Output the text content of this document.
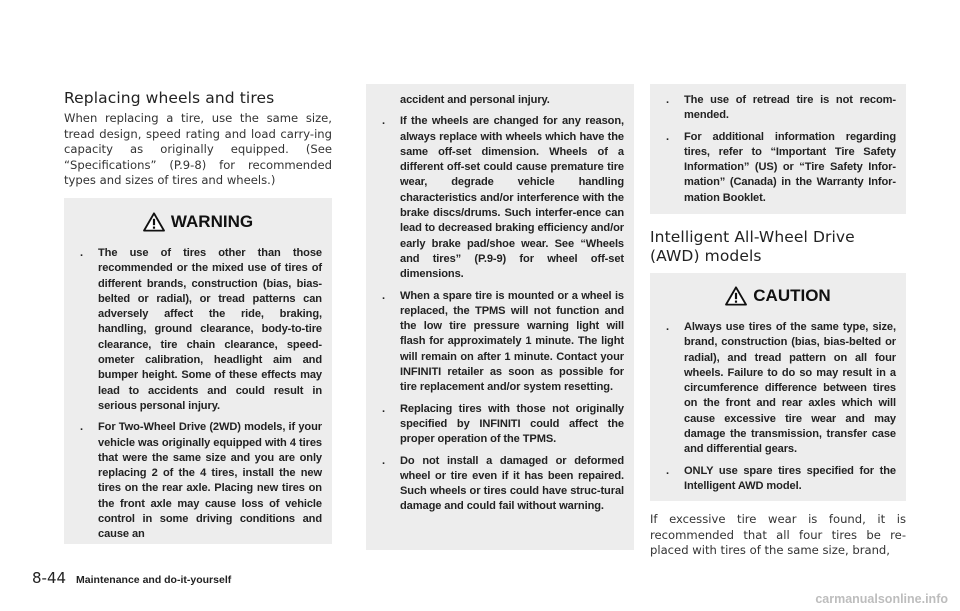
Replacing wheels and tires

When replacing a tire, use the same size, tread design, speed rating and load carry-ing capacity as originally equipped. (See “Specifications” (P.9-8) for recommended types and sizes of tires and wheels.)

WARNING
. The use of tires other than those recommended or the mixed use of tires of different brands, construction (bias, bias-belted or radial), or tread patterns can adversely affect the ride, braking, handling, ground clearance, body-to-tire clearance, tire chain clearance, speed-ometer calibration, headlight aim and bumper height. Some of these effects may lead to accidents and could result in serious personal injury.
. For Two-Wheel Drive (2WD) models, if your vehicle was originally equipped with 4 tires that were the same size and you are only replacing 2 of the 4 tires, install the new tires on the rear axle. Placing new tires on the front axle may cause loss of vehicle control in some driving conditions and cause an
accident and personal injury.
. If the wheels are changed for any reason, always replace with wheels which have the same off-set dimension. Wheels of a different off-set could cause premature tire wear, degrade vehicle handling characteristics and/or interference with the brake discs/drums. Such interfer-ence can lead to decreased braking efficiency and/or early brake pad/shoe wear. See “Wheels and tires” (P.9-9) for wheel off-set dimensions.
. When a spare tire is mounted or a wheel is replaced, the TPMS will not function and the low tire pressure warning light will flash for approximately 1 minute. The light will remain on after 1 minute. Contact your INFINITI retailer as soon as possible for tire replacement and/or system resetting.
. Replacing tires with those not originally specified by INFINITI could affect the proper operation of the TPMS.
. Do not install a damaged or deformed wheel or tire even if it has been repaired. Such wheels or tires could have struc-tural damage and could fail without warning.
. The use of retread tire is not recom-mended.
. For additional information regarding tires, refer to “Important Tire Safety Information” (US) or “Tire Safety Infor-mation” (Canada) in the Warranty Infor-mation Booklet.
Intelligent All-Wheel Drive (AWD) models
CAUTION
. Always use tires of the same type, size, brand, construction (bias, bias-belted or radial), and tread pattern on all four wheels. Failure to do so may result in a circumference difference between tires on the front and rear axles which will cause excessive tire wear and may damage the transmission, transfer case and differential gears.
. ONLY use spare tires specified for the Intelligent AWD model.

If excessive tire wear is found, it is recommended that all four tires be re-placed with tires of the same size, brand,

8-44 Maintenance and do-it-yourself
carmanualsonline.info
